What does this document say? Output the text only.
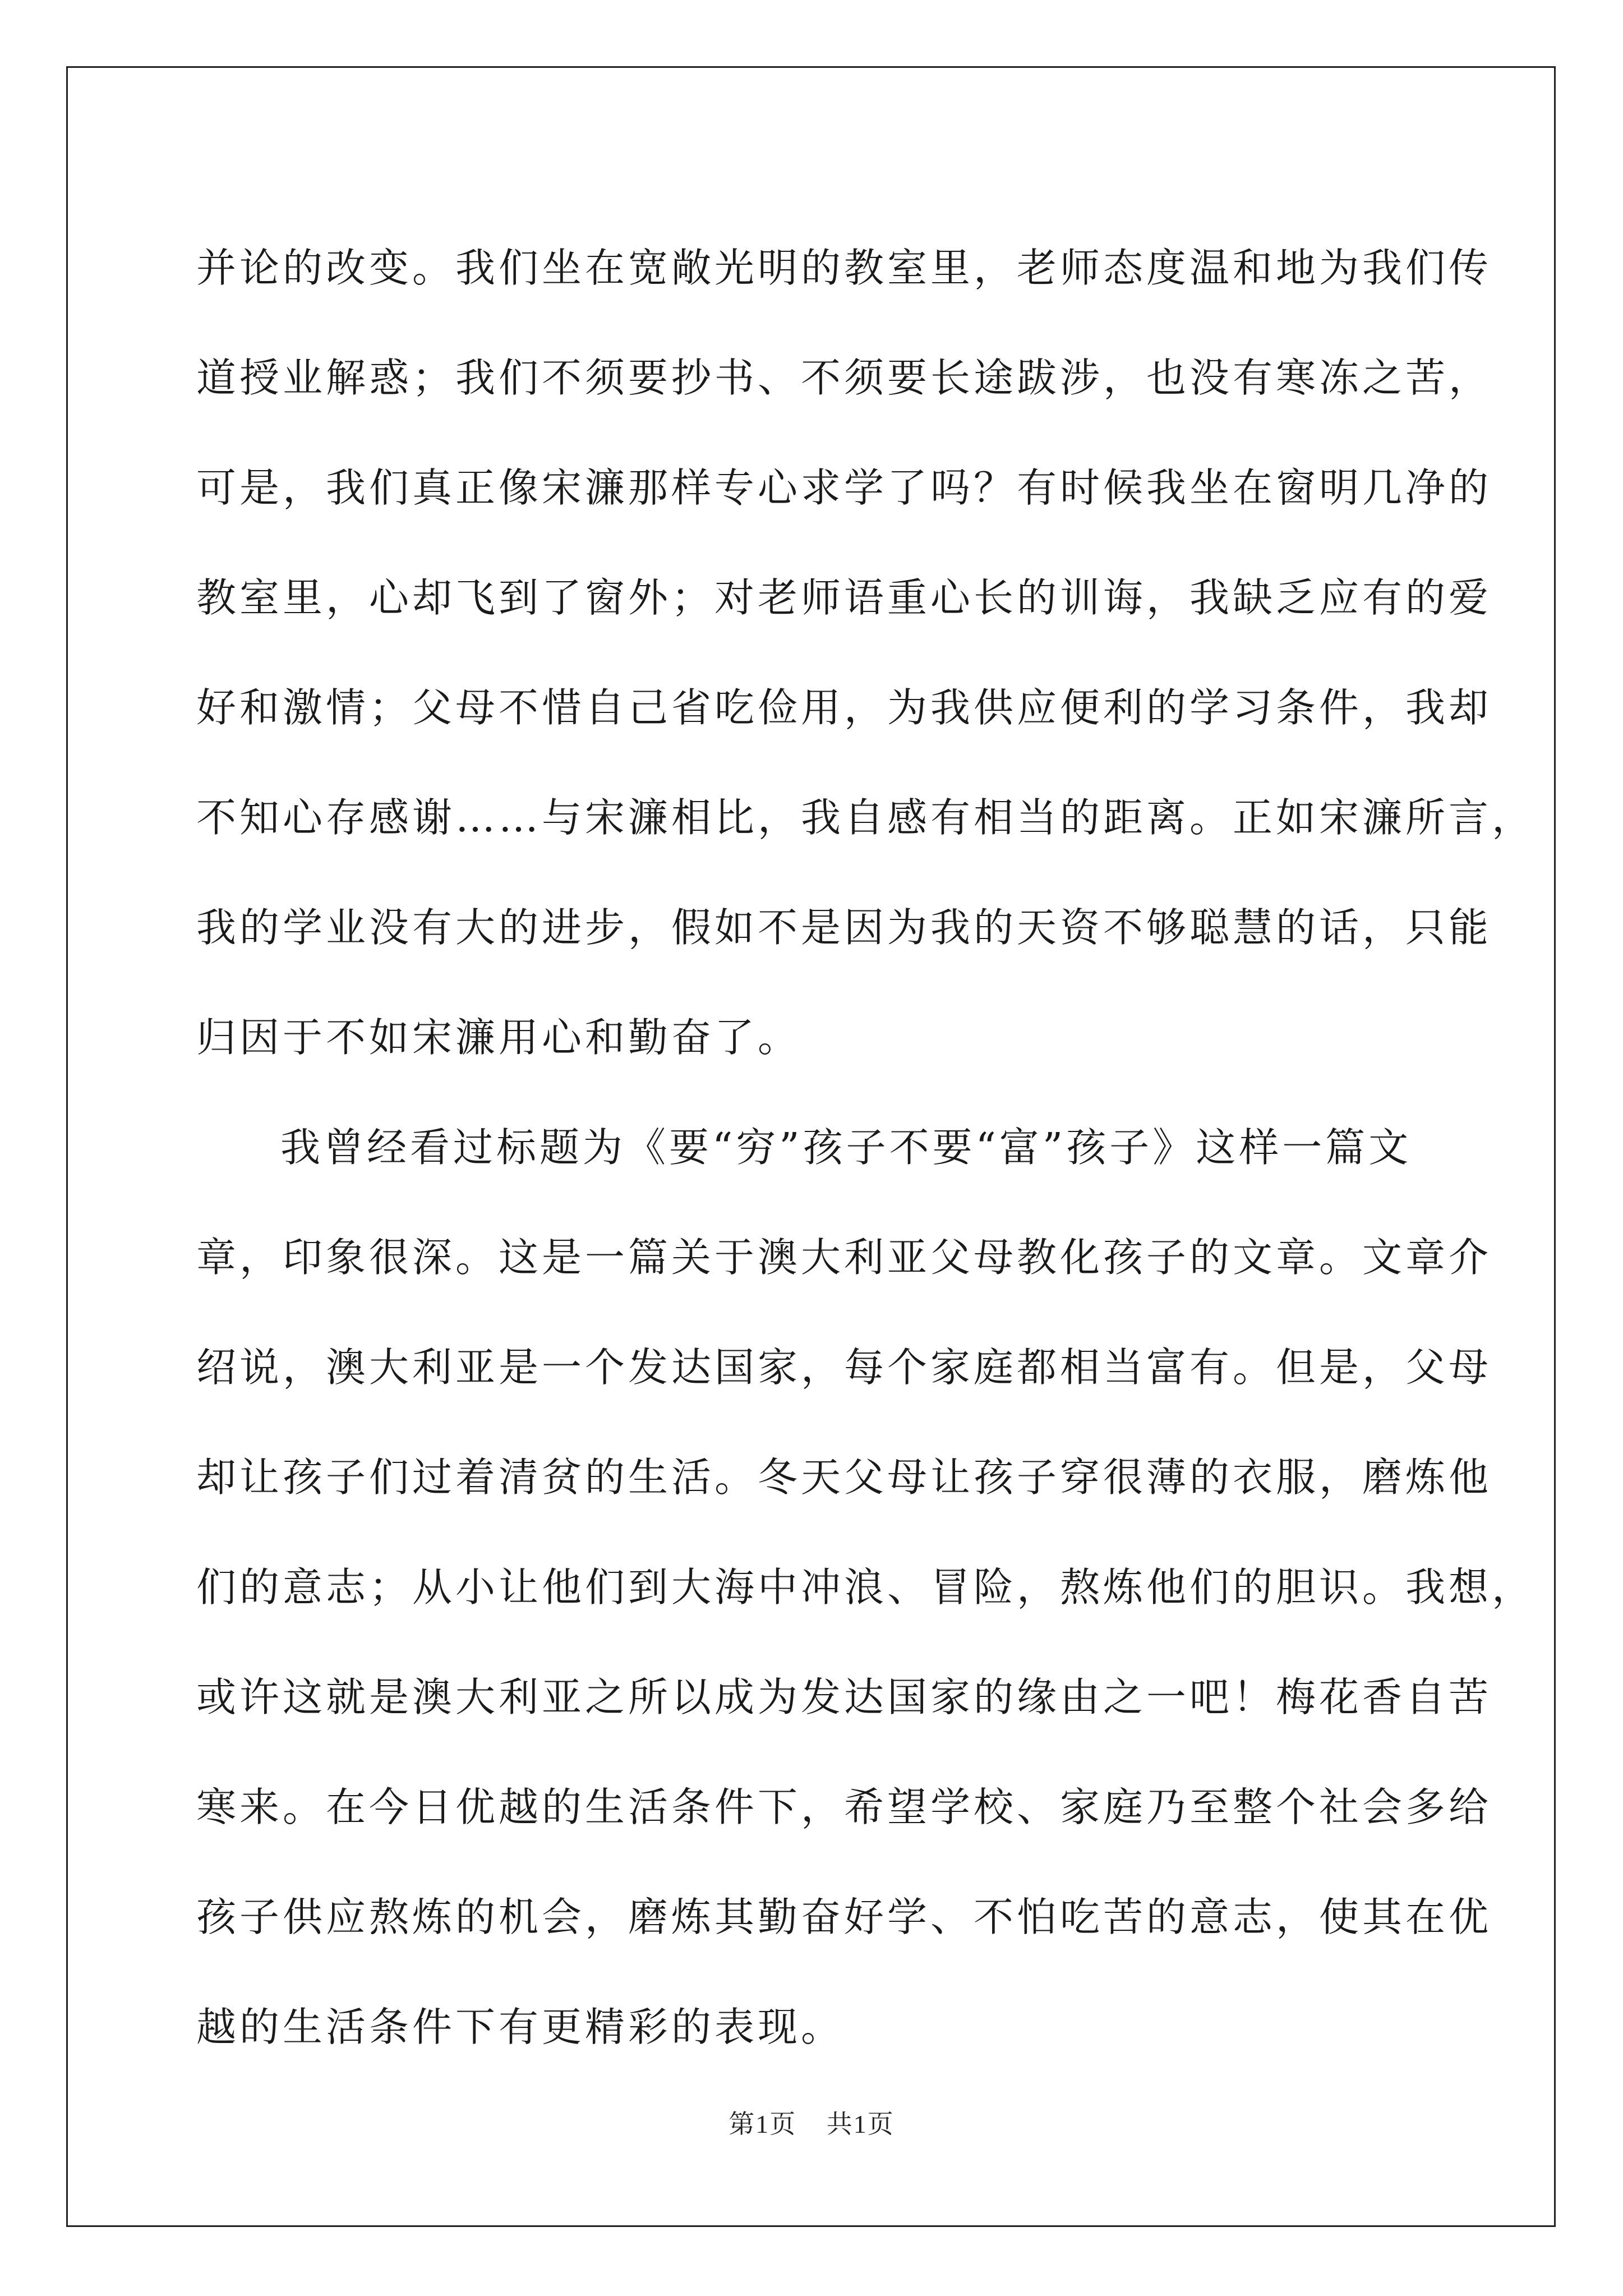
并论的改变。我们坐在宽敞光明的教室里，老师态度温和地为我们传
道授业解惑；我们不须要抄书、不须要长途跋涉，也没有寒冻之苦，
可是，我们真正像宋濂那样专心求学了吗？有时候我坐在窗明几净的
教室里，心却飞到了窗外；对老师语重心长的训诲，我缺乏应有的爱
好和激情；父母不惜自己省吃俭用，为我供应便利的学习条件，我却
不知心存感谢……与宋濂相比，我自感有相当的距离。正如宋濂所言，
我的学业没有大的进步，假如不是因为我的天资不够聪慧的话，只能
归因于不如宋濂用心和勤奋了。
我曾经看过标题为《要“穷”孩子不要“富”孩子》这样一篇文
章，印象很深。这是一篇关于澳大利亚父母教化孩子的文章。文章介
绍说，澳大利亚是一个发达国家，每个家庭都相当富有。但是，父母
却让孩子们过着清贫的生活。冬天父母让孩子穿很薄的衣服，磨炼他
们的意志；从小让他们到大海中冲浪、冒险，熬炼他们的胆识。我想，
或许这就是澳大利亚之所以成为发达国家的缘由之一吧！梅花香自苦
寒来。在今日优越的生活条件下，希望学校、家庭乃至整个社会多给
孩子供应熬炼的机会，磨炼其勤奋好学、不怕吃苦的意志，使其在优
越的生活条件下有更精彩的表现。
第1页 共1页
